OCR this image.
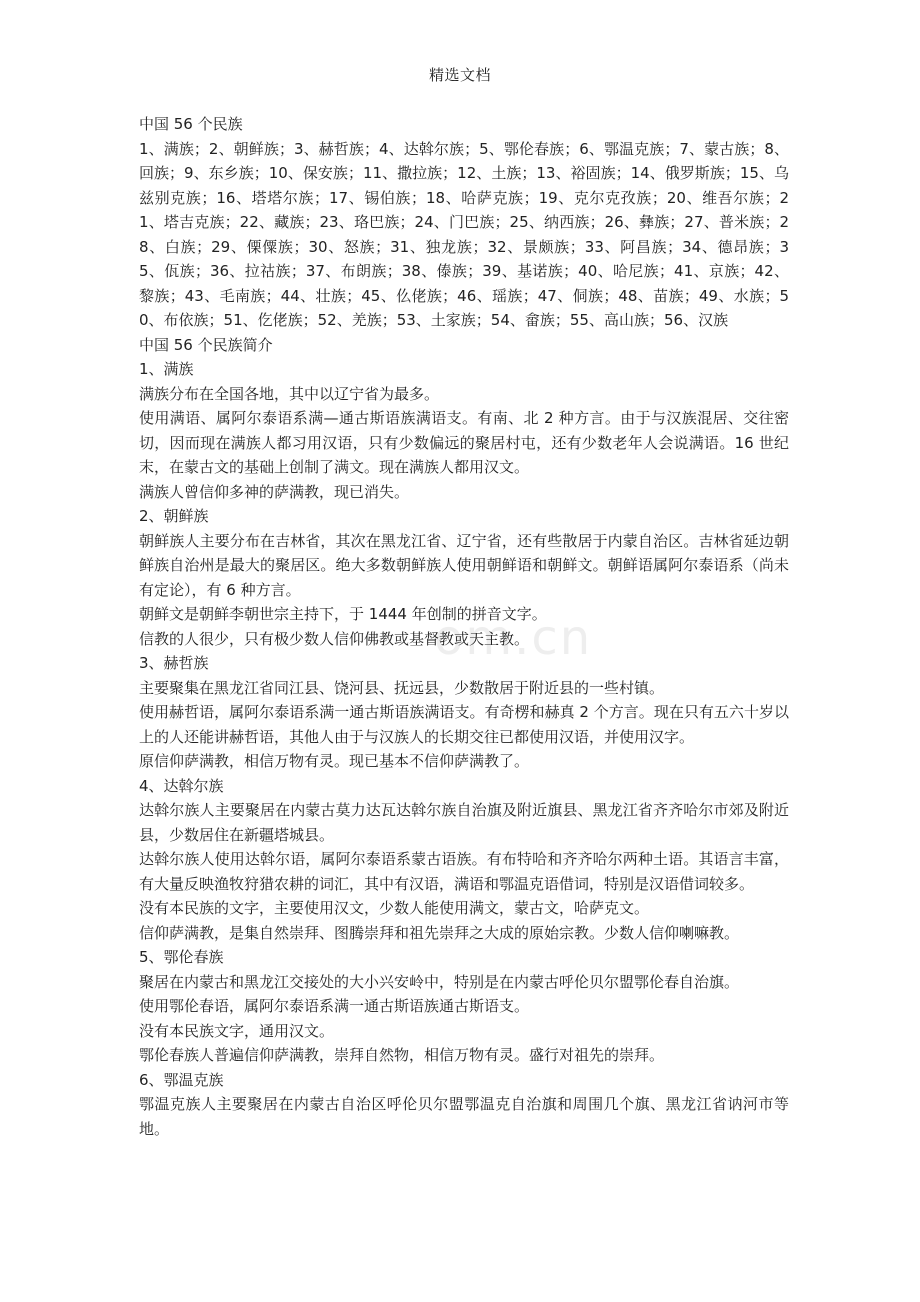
精选文档
om.cn

中国 56 个民族

1、满族；2、朝鲜族；3、赫哲族；4、达斡尔族；5、鄂伦春族；6、鄂温克族；7、蒙古族；8、回族；9、东乡族；10、保安族；11、撒拉族；12、土族；13、裕固族；14、俄罗斯族；15、乌兹别克族；16、塔塔尔族；17、锡伯族；18、哈萨克族；19、克尔克孜族；20、维吾尔族；21、塔吉克族；22、藏族；23、珞巴族；24、门巴族；25、纳西族；26、彝族；27、普米族；28、白族；29、傈僳族；30、怒族；31、独龙族；32、景颇族；33、阿昌族；34、德昂族；35、佤族；36、拉祜族；37、布朗族；38、傣族；39、基诺族；40、哈尼族；41、京族；42、黎族；43、毛南族；44、壮族；45、仫佬族；46、瑶族；47、侗族；48、苗族；49、水族；50、布依族；51、仡佬族；52、羌族；53、土家族；54、畲族；55、高山族；56、汉族

中国 56 个民族简介

1、满族

满族分布在全国各地，其中以辽宁省为最多。

使用满语、属阿尔泰语系满—通古斯语族满语支。有南、北 2 种方言。由于与汉族混居、交往密切，因而现在满族人都习用汉语，只有少数偏远的聚居村屯，还有少数老年人会说满语。16 世纪末，在蒙古文的基础上创制了满文。现在满族人都用汉文。

满族人曾信仰多神的萨满教，现已消失。

2、朝鲜族

朝鲜族人主要分布在吉林省，其次在黑龙江省、辽宁省，还有些散居于内蒙自治区。吉林省延边朝鲜族自治州是最大的聚居区。绝大多数朝鲜族人使用朝鲜语和朝鲜文。朝鲜语属阿尔泰语系（尚未有定论），有 6 种方言。

朝鲜文是朝鲜李朝世宗主持下，于 1444 年创制的拼音文字。

信教的人很少，只有极少数人信仰佛教或基督教或天主教。

3、赫哲族

主要聚集在黑龙江省同江县、饶河县、抚远县，少数散居于附近县的一些村镇。

使用赫哲语，属阿尔泰语系满一通古斯语族满语支。有奇楞和赫真 2 个方言。现在只有五六十岁以上的人还能讲赫哲语，其他人由于与汉族人的长期交往已都使用汉语，并使用汉字。

原信仰萨满教，相信万物有灵。现已基本不信仰萨满教了。

4、达斡尔族

达斡尔族人主要聚居在内蒙古莫力达瓦达斡尔族自治旗及附近旗县、黑龙江省齐齐哈尔市郊及附近县，少数居住在新疆塔城县。

达斡尔族人使用达斡尔语，属阿尔泰语系蒙古语族。有布特哈和齐齐哈尔两种土语。其语言丰富，有大量反映渔牧狩猎农耕的词汇，其中有汉语，满语和鄂温克语借词，特别是汉语借词较多。

没有本民族的文字，主要使用汉文，少数人能使用满文，蒙古文，哈萨克文。

信仰萨满教，是集自然崇拜、图腾崇拜和祖先崇拜之大成的原始宗教。少数人信仰喇嘛教。

5、鄂伦春族

聚居在内蒙古和黑龙江交接处的大小兴安岭中，特别是在内蒙古呼伦贝尔盟鄂伦春自治旗。

使用鄂伦春语，属阿尔泰语系满一通古斯语族通古斯语支。

没有本民族文字，通用汉文。

鄂伦春族人普遍信仰萨满教，崇拜自然物，相信万物有灵。盛行对祖先的崇拜。

6、鄂温克族

鄂温克族人主要聚居在内蒙古自治区呼伦贝尔盟鄂温克自治旗和周围几个旗、黑龙江省讷河市等地。
